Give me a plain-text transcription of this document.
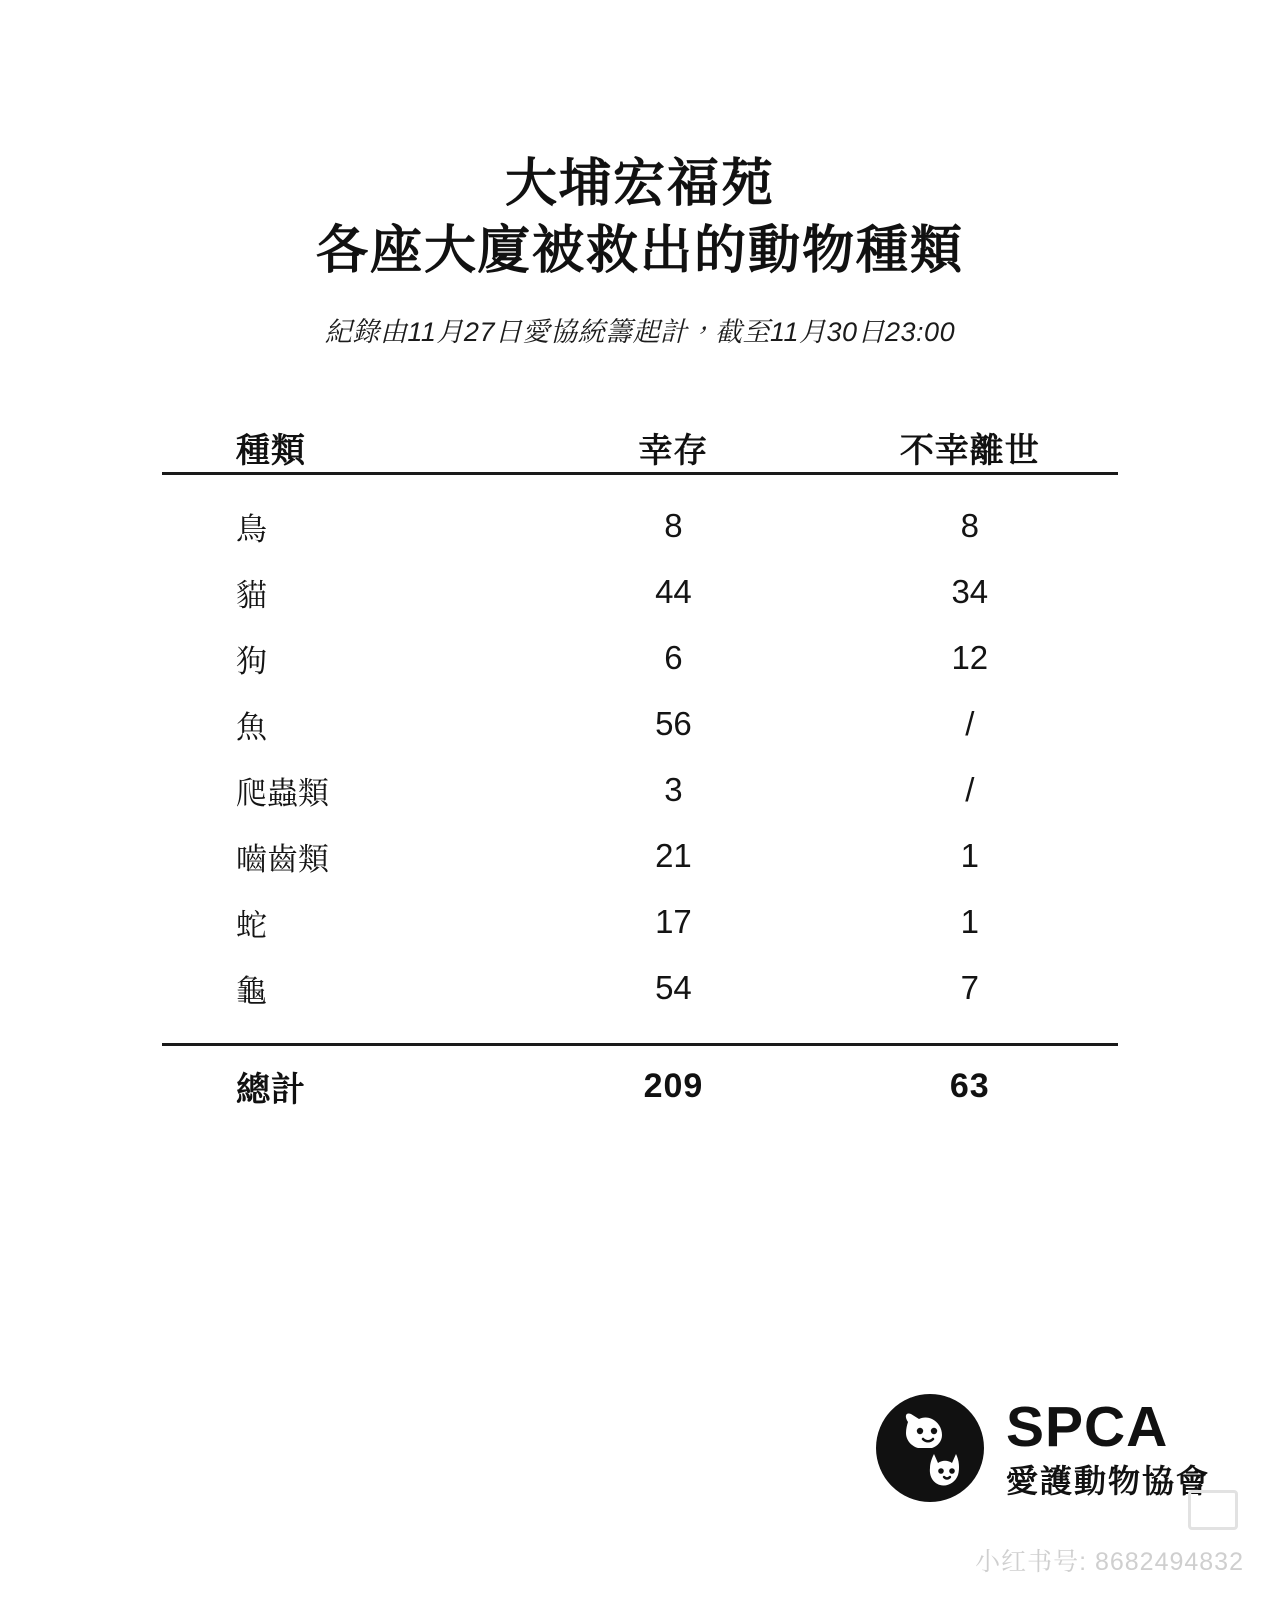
大埔宏福苑
各座大廈被救出的動物種類
紀錄由11月27日愛協統籌起計，截至11月30日23:00
種類	幸存	不幸離世
鳥	8	8
貓	44	34
狗	6	12
魚	56	/
爬蟲類	3	/
嚙齒類	21	1
蛇	17	1
龜	54	7
總計	209	63
SPCA
愛護動物協會
小红书号: 8682494832
